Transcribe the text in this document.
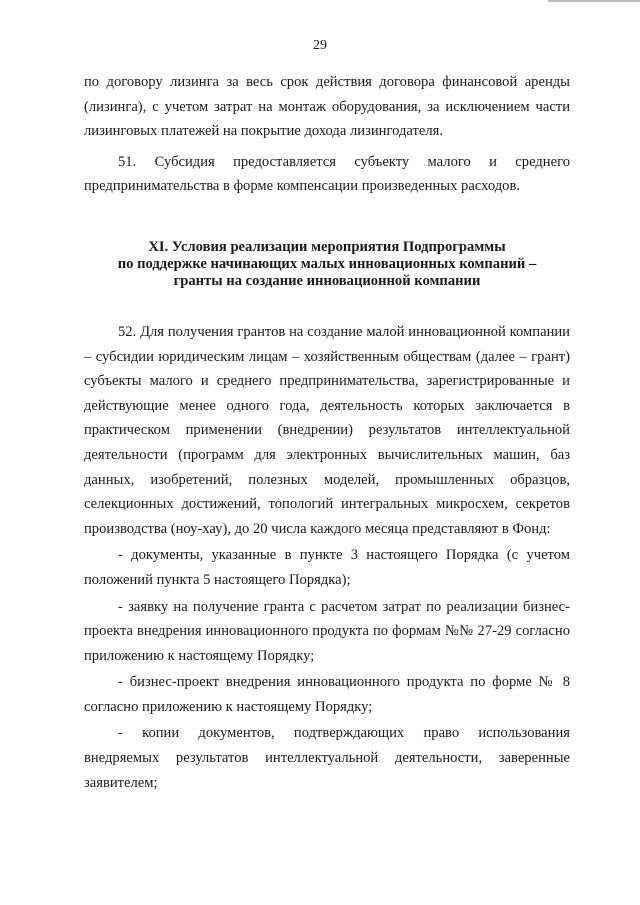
29

по договору лизинга за весь срок действия договора финансовой аренды (лизинга), с учетом затрат на монтаж оборудования, за исключением части лизинговых платежей на покрытие дохода лизингодателя.

51. Субсидия предоставляется субъекту малого и среднего предпринимательства в форме компенсации произведенных расходов.

XI. Условия реализации мероприятия Подпрограммы
по поддержке начинающих малых инновационных компаний –
гранты на создание инновационной компании

52. Для получения грантов на создание малой инновационной компании – субсидии юридическим лицам – хозяйственным обществам (далее – грант) субъекты малого и среднего предпринимательства, зарегистрированные и действующие менее одного года, деятельность которых заключается в практическом применении (внедрении) результатов интеллектуальной деятельности (программ для электронных вычислительных машин, баз данных, изобретений, полезных моделей, промышленных образцов, селекционных достижений, топологий интегральных микросхем, секретов производства (ноу-хау), до 20 числа каждого месяца представляют в Фонд:

- документы, указанные в пункте 3 настоящего Порядка (с учетом положений пункта 5 настоящего Порядка);

- заявку на получение гранта с расчетом затрат по реализации бизнес-проекта внедрения инновационного продукта по формам №№ 27-29 согласно приложению к настоящему Порядку;

- бизнес-проект внедрения инновационного продукта по форме № 8 согласно приложению к настоящему Порядку;

- копии документов, подтверждающих право использования внедряемых результатов интеллектуальной деятельности, заверенные заявителем;
